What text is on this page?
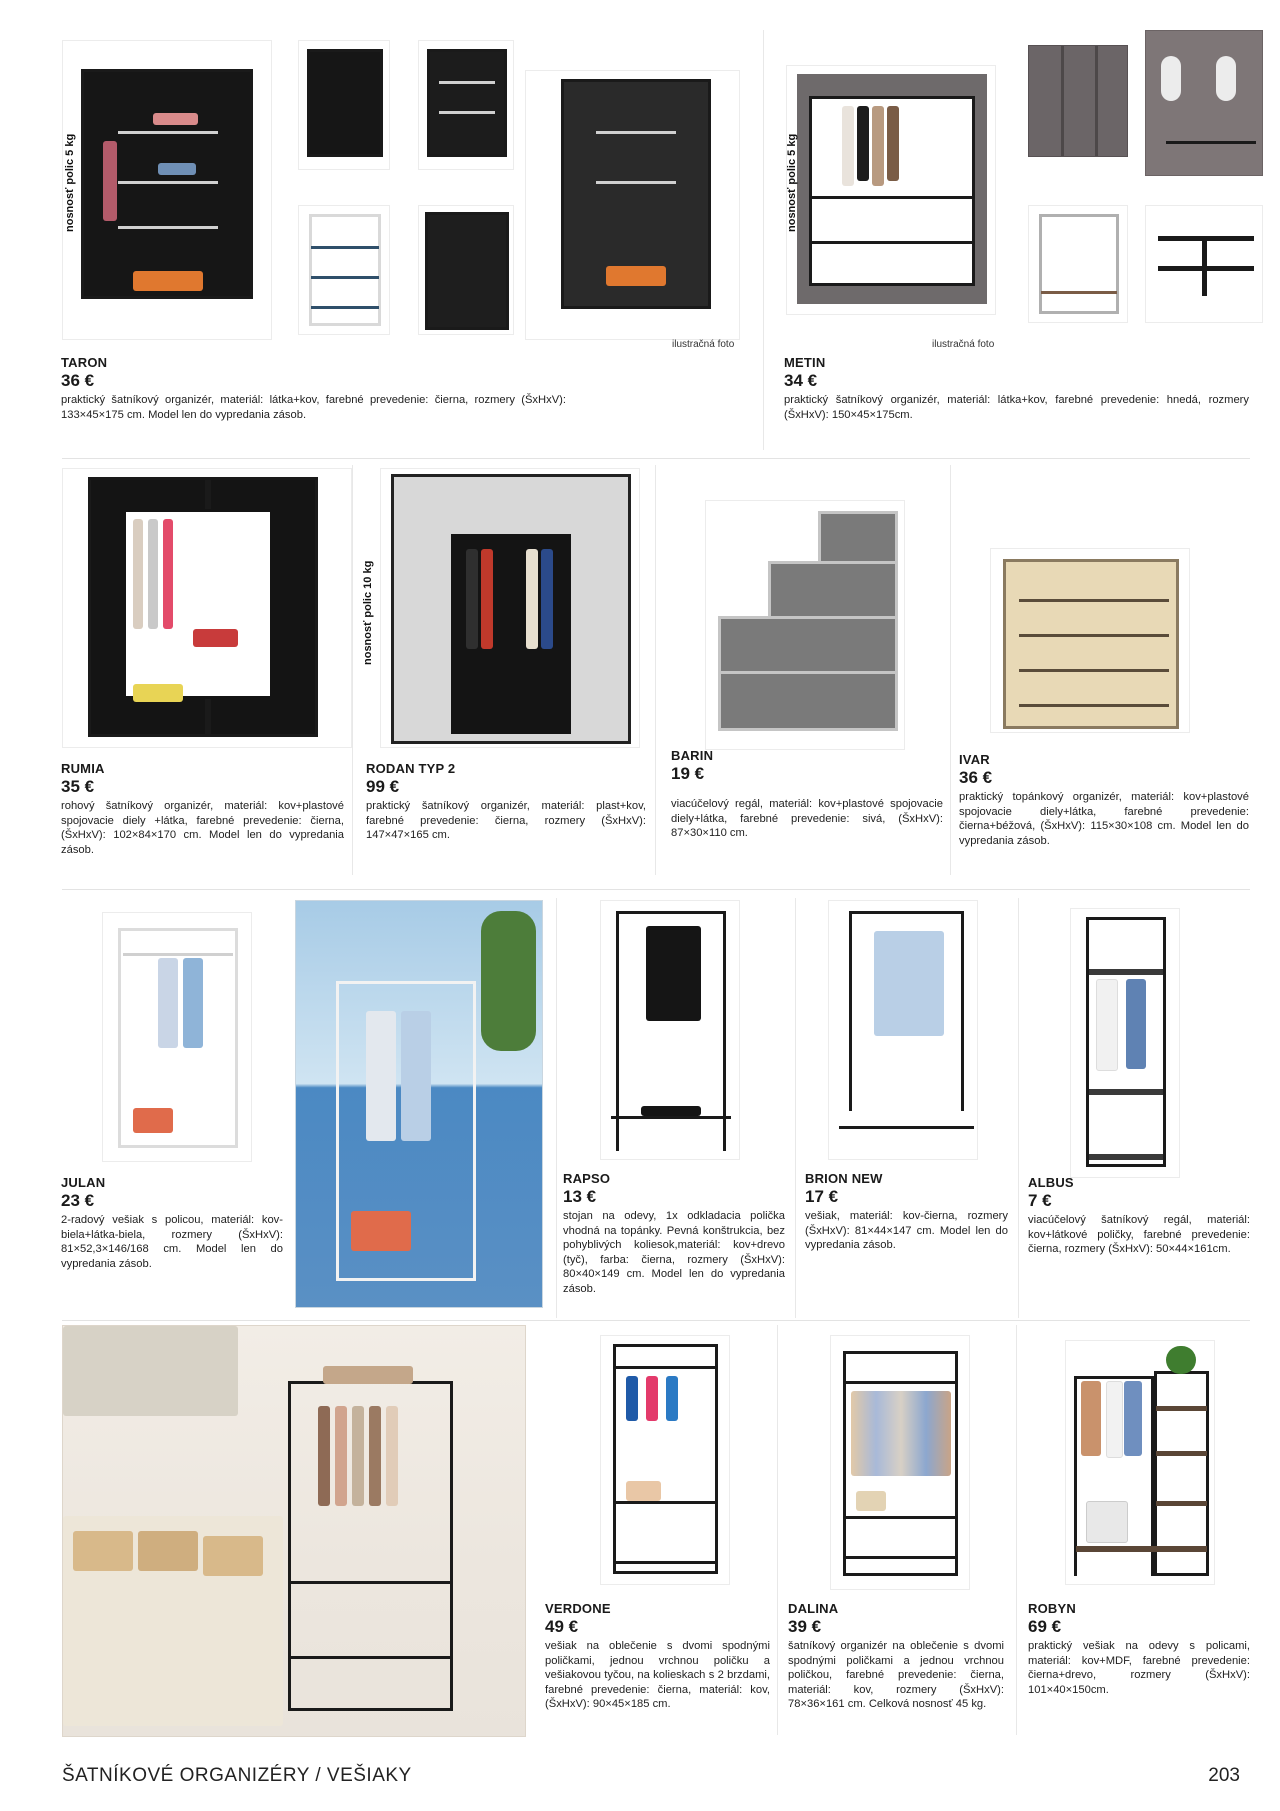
nosnosť polic 5 kg
ilustračná foto
TARON
36 €
praktický šatníkový organizér, materiál: látka+kov, farebné prevedenie: čierna, rozmery (ŠxHxV): 133×45×175 cm. Model len do vypredania zásob.
nosnosť polic 5 kg
ilustračná foto
METIN
34 €
praktický šatníkový organizér, materiál: látka+kov, farebné prevedenie: hnedá, rozmery (ŠxHxV): 150×45×175cm.
nosnosť polic 10 kg
RUMIA
35 €
rohový šatníkový organizér, materiál: kov+plastové spojovacie diely +látka, farebné prevedenie: čierna, (ŠxHxV): 102×84×170 cm. Model len do vypredania zásob.
RODAN TYP 2
99 €
praktický šatníkový organizér, materiál: plast+kov, farebné prevedenie: čierna, rozmery (ŠxHxV): 147×47×165 cm.
BARIN
19 €
viacúčelový regál, materiál: kov+plastové spojovacie diely+látka, farebné prevedenie: sivá, (ŠxHxV): 87×30×110 cm.
IVAR
36 €
praktický topánkový organizér, materiál: kov+plastové spojovacie diely+látka, farebné prevedenie: čierna+béžová, (ŠxHxV): 115×30×108 cm. Model len do vypredania zásob.
JULAN
23 €
2-radový vešiak s policou, materiál: kov-biela+látka-biela, rozmery (ŠxHxV): 81×52,3×146/168 cm. Model len do vypredania zásob.
RAPSO
13 €
stojan na odevy, 1x odkladacia polička vhodná na topánky. Pevná konštrukcia, bez pohyblivých koliesok,materiál: kov+drevo (tyč), farba: čierna, rozmery (ŠxHxV): 80×40×149 cm. Model len do vypredania zásob.
BRION NEW
17 €
vešiak, materiál: kov-čierna, rozmery (ŠxHxV): 81×44×147 cm. Model len do vypredania zásob.
ALBUS
7 €
viacúčelový šatníkový regál, materiál: kov+látkové poličky, farebné prevedenie: čierna, rozmery (ŠxHxV): 50×44×161cm.
VERDONE
49 €
vešiak na oblečenie s dvomi spodnými poličkami, jednou vrchnou poličku a vešiakovou tyčou, na kolieskach s 2 brzdami, farebné prevedenie: čierna, materiál: kov, (ŠxHxV): 90×45×185 cm.
DALINA
39 €
šatníkový organizér na oblečenie s dvomi spodnými poličkami a jednou vrchnou poličkou, farebné prevedenie: čierna, materiál: kov, rozmery (ŠxHxV): 78×36×161 cm. Celková nosnosť 45 kg.
ROBYN
69 €
praktický vešiak na odevy s policami, materiál: kov+MDF, farebné prevedenie: čierna+drevo, rozmery (ŠxHxV): 101×40×150cm.
ŠATNÍKOVÉ ORGANIZÉRY / VEŠIAKY	203
